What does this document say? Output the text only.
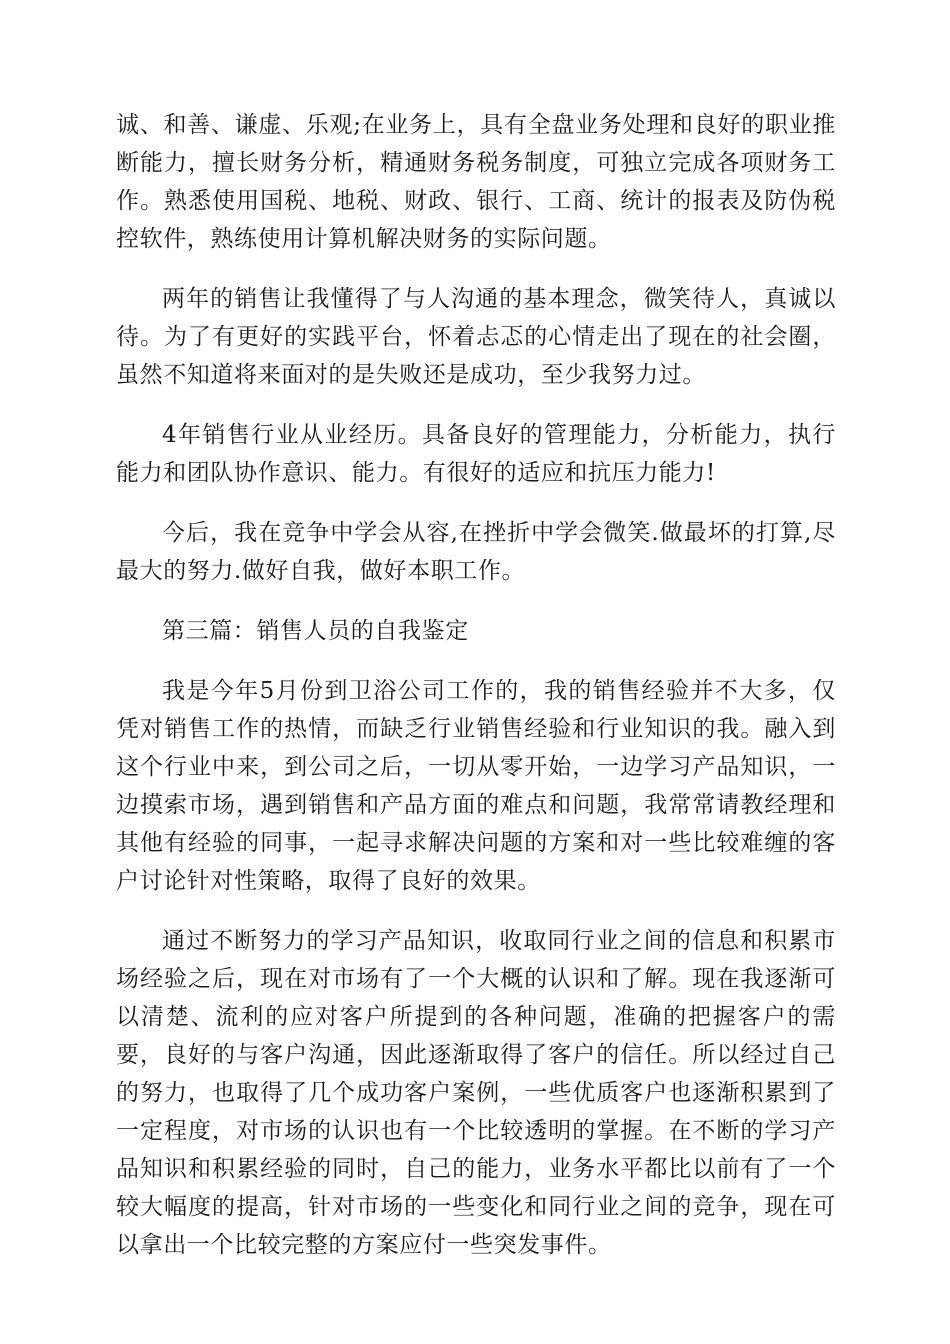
诚、和善、谦虚、乐观;在业务上，具有全盘业务处理和良好的职业推断能力，擅长财务分析，精通财务税务制度，可独立完成各项财务工作。熟悉使用国税、地税、财政、银行、工商、统计的报表及防伪税控软件，熟练使用计算机解决财务的实际问题。

两年的销售让我懂得了与人沟通的基本理念，微笑待人，真诚以待。为了有更好的实践平台，怀着忐忑的心情走出了现在的社会圈，虽然不知道将来面对的是失败还是成功，至少我努力过。

4年销售行业从业经历。具备良好的管理能力，分析能力，执行能力和团队协作意识、能力。有很好的适应和抗压力能力!

今后，我在竞争中学会从容,在挫折中学会微笑.做最坏的打算,尽最大的努力.做好自我，做好本职工作。

第三篇：销售人员的自我鉴定

我是今年5月份到卫浴公司工作的，我的销售经验并不大多，仅凭对销售工作的热情，而缺乏行业销售经验和行业知识的我。融入到这个行业中来，到公司之后，一切从零开始，一边学习产品知识，一边摸索市场，遇到销售和产品方面的难点和问题，我常常请教经理和其他有经验的同事，一起寻求解决问题的方案和对一些比较难缠的客户讨论针对性策略，取得了良好的效果。

通过不断努力的学习产品知识，收取同行业之间的信息和积累市场经验之后，现在对市场有了一个大概的认识和了解。现在我逐渐可以清楚、流利的应对客户所提到的各种问题，准确的把握客户的需要，良好的与客户沟通，因此逐渐取得了客户的信任。所以经过自己的努力，也取得了几个成功客户案例，一些优质客户也逐渐积累到了一定程度，对市场的认识也有一个比较透明的掌握。在不断的学习产品知识和积累经验的同时，自己的能力，业务水平都比以前有了一个较大幅度的提高，针对市场的一些变化和同行业之间的竞争，现在可以拿出一个比较完整的方案应付一些突发事件。
